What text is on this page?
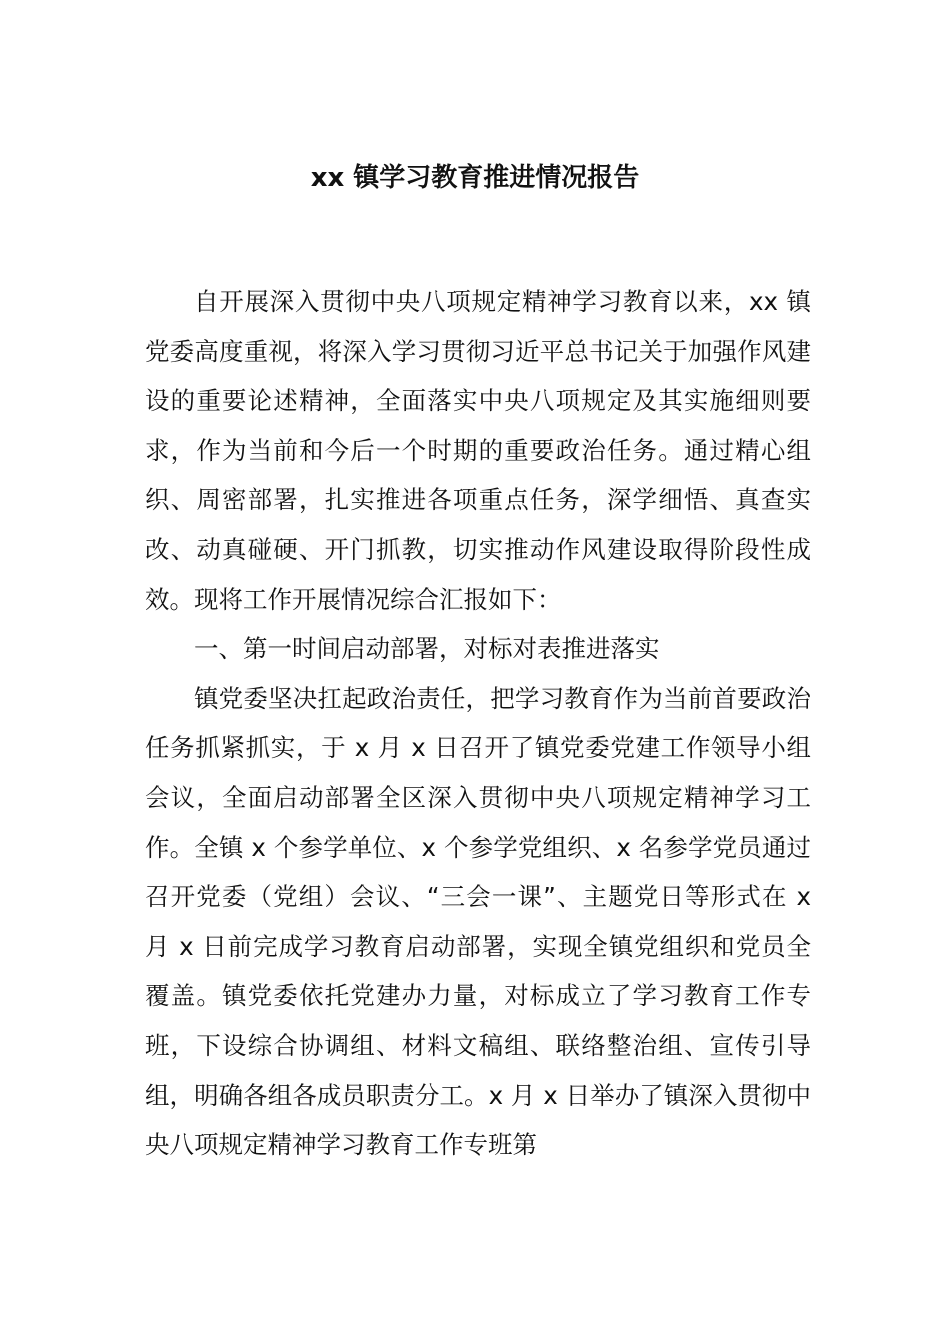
xx 镇学习教育推进情况报告

自开展深入贯彻中央八项规定精神学习教育以来，xx 镇党委高度重视，将深入学习贯彻习近平总书记关于加强作风建设的重要论述精神，全面落实中央八项规定及其实施细则要求，作为当前和今后一个时期的重要政治任务。通过精心组织、周密部署，扎实推进各项重点任务，深学细悟、真查实改、动真碰硬、开门抓教，切实推动作风建设取得阶段性成效。现将工作开展情况综合汇报如下：

一、第一时间启动部署，对标对表推进落实

镇党委坚决扛起政治责任，把学习教育作为当前首要政治任务抓紧抓实，于 x 月 x 日召开了镇党委党建工作领导小组会议，全面启动部署全区深入贯彻中央八项规定精神学习工作。全镇 x 个参学单位、x 个参学党组织、x 名参学党员通过召开党委（党组）会议、“三会一课”、主题党日等形式在 x 月 x 日前完成学习教育启动部署，实现全镇党组织和党员全覆盖。镇党委依托党建办力量，对标成立了学习教育工作专班，下设综合协调组、材料文稿组、联络整治组、宣传引导组，明确各组各成员职责分工。x 月 x 日举办了镇深入贯彻中央八项规定精神学习教育工作专班第
